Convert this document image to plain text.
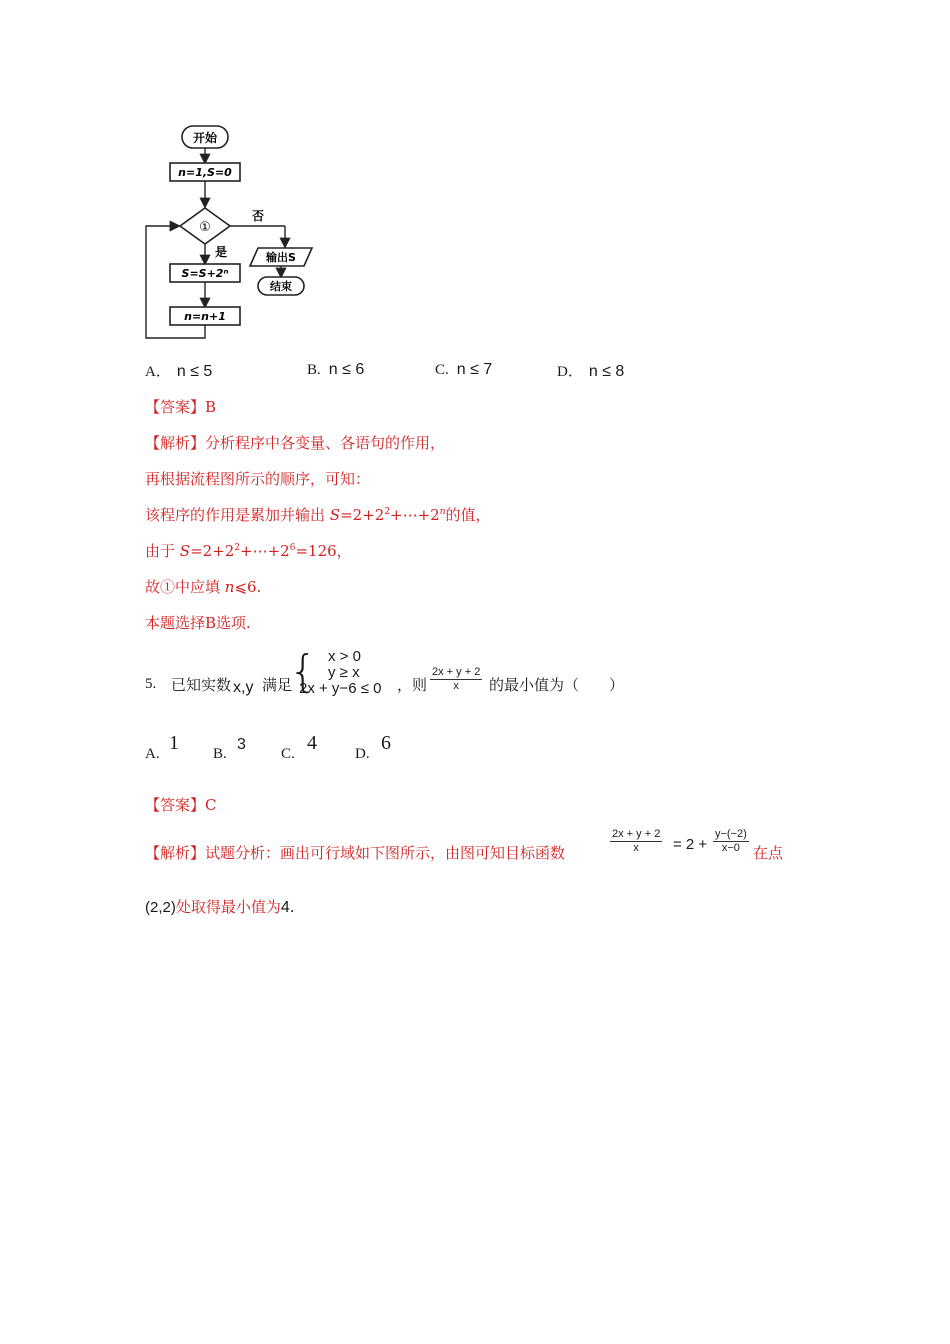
开始
n=1,S=0
①
否
输出S
结束
是
S=S+2ⁿ
n=n+1
A． n ≤ 5	B. n ≤ 6	C. n ≤ 7	D． n ≤ 8
【答案】B
【解析】分析程序中各变量、各语句的作用，
再根据流程图所示的顺序，可知：
该程序的作用是累加并输出 $S=2+2^2+\cdots+2^n$的值，
由于 $S=2+2^2+\cdots+2^6=126$，
故①中应填 n⩽6.
本题选择B选项.
5. 已知实数 x,y 满足
{ x > 0
y ≥ x
2x + y−6 ≤ 0 ，则 $\frac{2x + y + 2}{x}$ 的最小值为（　　）
A. 1 B.
3
C. 4	D. 6
【答案】C
【解析】试题分析：画出可行域如下图所示，由图可知目标函数	$\frac{2x + y + 2}{x} = 2 + \frac{y-(-2)}{x-0}$ 在点
(2,2)处取得最小值为4.
